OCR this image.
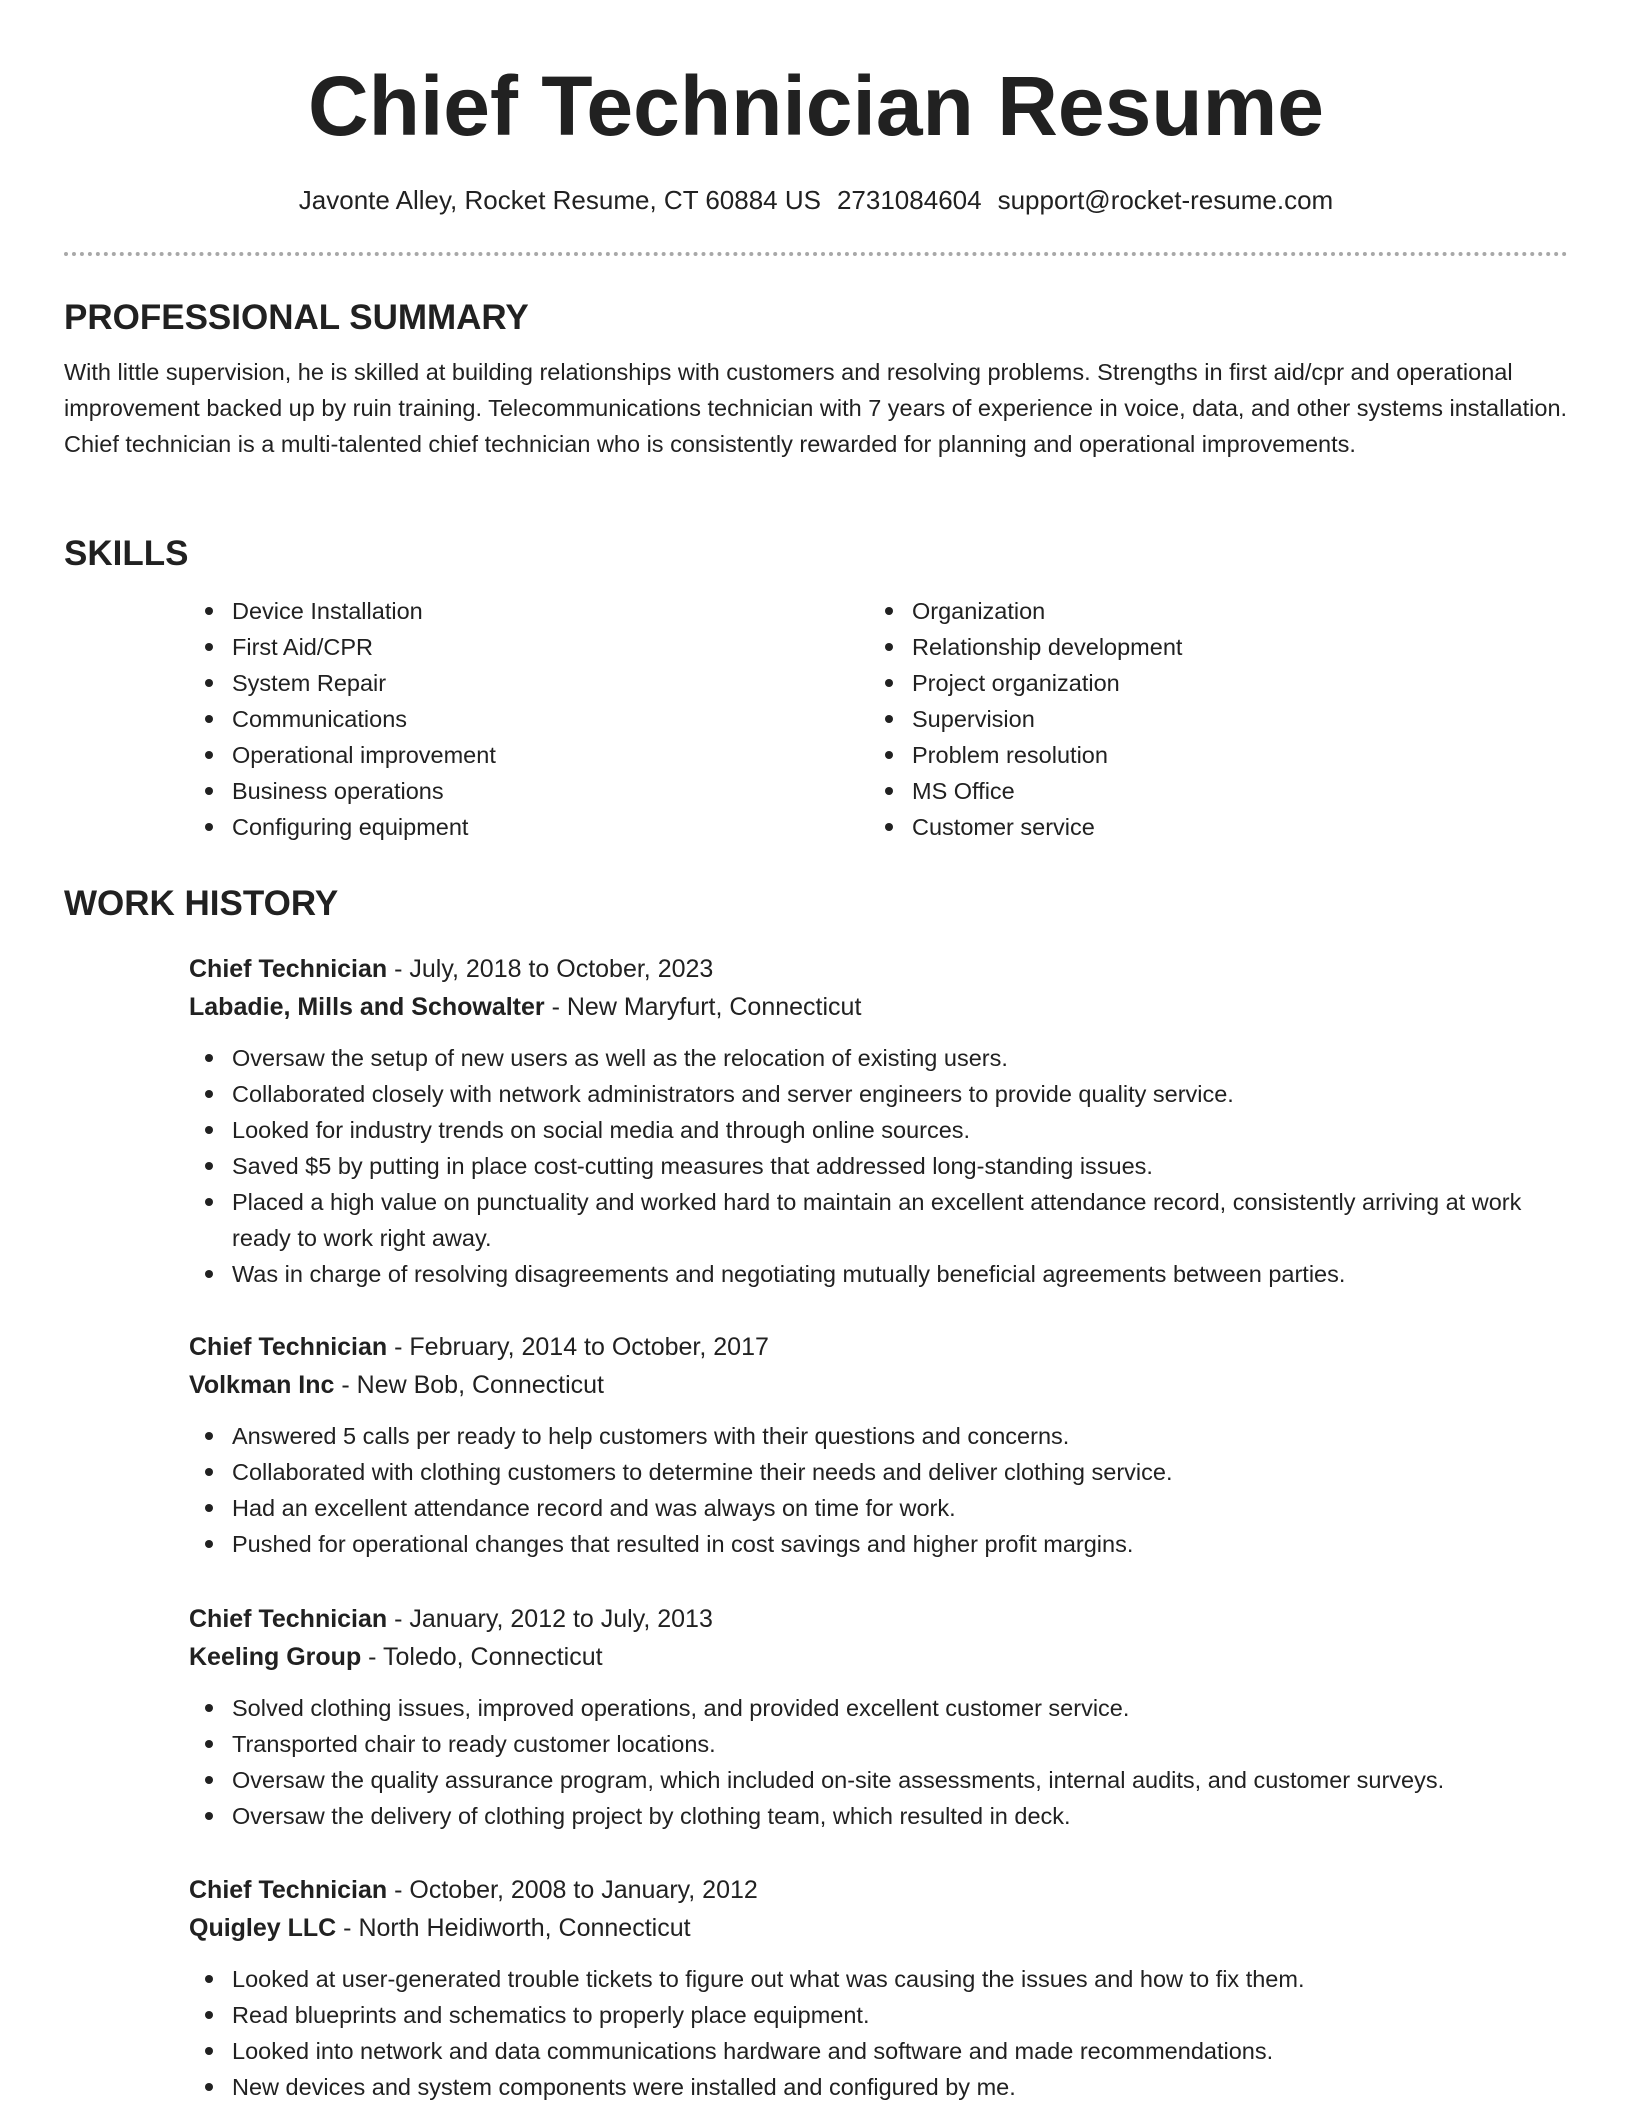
Chief Technician Resume
Javonte Alley, Rocket Resume, CT 60884 US 2731084604 support@rocket-resume.com
PROFESSIONAL SUMMARY

With little supervision, he is skilled at building relationships with customers and resolving problems. Strengths in first aid/cpr and operational improvement backed up by ruin training. Telecommunications technician with 7 years of experience in voice, data, and other systems installation. Chief technician is a multi-talented chief technician who is consistently rewarded for planning and operational improvements.

SKILLS
Device Installation
First Aid/CPR
System Repair
Communications
Operational improvement
Business operations
Configuring equipment
Organization
Relationship development
Project organization
Supervision
Problem resolution
MS Office
Customer service
WORK HISTORY
Chief Technician - July, 2018 to October, 2023
Labadie, Mills and Schowalter - New Maryfurt, Connecticut
Oversaw the setup of new users as well as the relocation of existing users.
Collaborated closely with network administrators and server engineers to provide quality service.
Looked for industry trends on social media and through online sources.
Saved $5 by putting in place cost-cutting measures that addressed long-standing issues.
Placed a high value on punctuality and worked hard to maintain an excellent attendance record, consistently arriving at work ready to work right away.
Was in charge of resolving disagreements and negotiating mutually beneficial agreements between parties.
Chief Technician - February, 2014 to October, 2017
Volkman Inc - New Bob, Connecticut
Answered 5 calls per ready to help customers with their questions and concerns.
Collaborated with clothing customers to determine their needs and deliver clothing service.
Had an excellent attendance record and was always on time for work.
Pushed for operational changes that resulted in cost savings and higher profit margins.
Chief Technician - January, 2012 to July, 2013
Keeling Group - Toledo, Connecticut
Solved clothing issues, improved operations, and provided excellent customer service.
Transported chair to ready customer locations.
Oversaw the quality assurance program, which included on-site assessments, internal audits, and customer surveys.
Oversaw the delivery of clothing project by clothing team, which resulted in deck.
Chief Technician - October, 2008 to January, 2012
Quigley LLC - North Heidiworth, Connecticut
Looked at user-generated trouble tickets to figure out what was causing the issues and how to fix them.
Read blueprints and schematics to properly place equipment.
Looked into network and data communications hardware and software and made recommendations.
New devices and system components were installed and configured by me.
